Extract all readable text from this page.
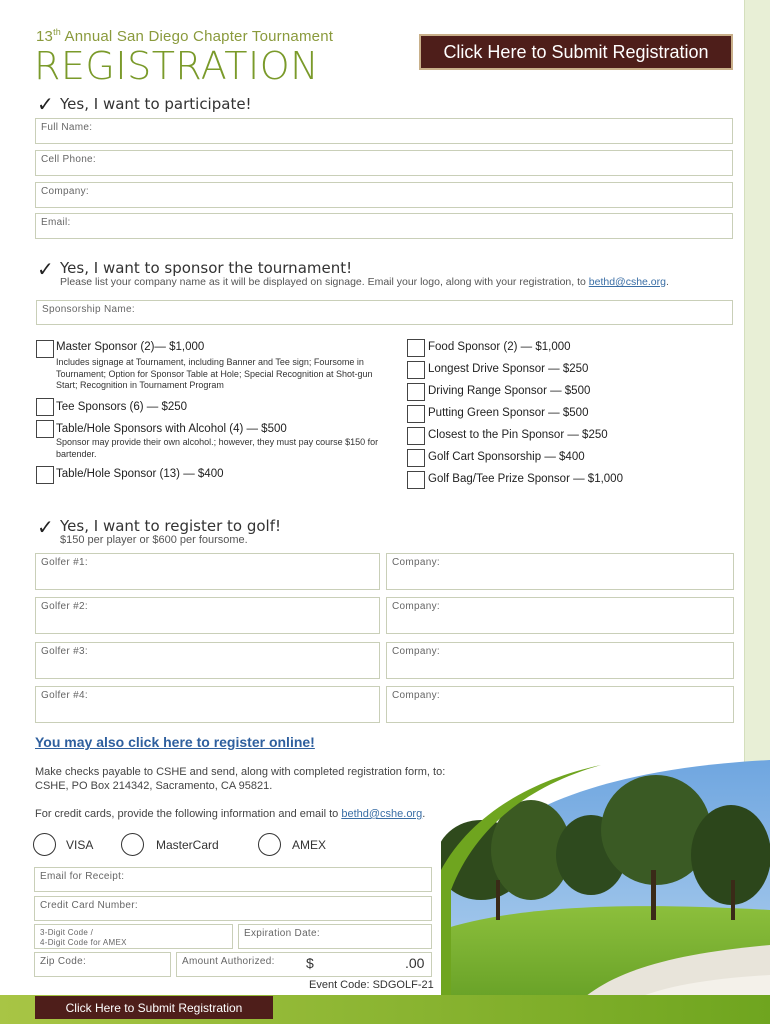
13th Annual San Diego Chapter Tournament
REGISTRATION	Click Here to Submit Registration
✓ Yes, I want to participate!
Full Name:
Cell Phone:
Company:
Email:
✓ Yes, I want to sponsor the tournament!
Please list your company name as it will be displayed on signage. Email your logo, along with your registration, to bethd@cshe.org.
Sponsorship Name:
Master Sponsor (2)— $1,000
Includes signage at Tournament, including Banner and Tee sign; Foursome in Tournament; Option for Sponsor Table at Hole; Special Recognition at Shot-gun Start; Recognition in Tournament Program
Tee Sponsors (6) — $250
Table/Hole Sponsors with Alcohol (4) — $500
Sponsor may provide their own alcohol.; however, they must pay course $150 for bartender.
Table/Hole Sponsor (13) — $400
Food Sponsor (2) — $1,000
Longest Drive Sponsor — $250
Driving Range Sponsor — $500
Putting Green Sponsor — $500
Closest to the Pin Sponsor — $250
Golf Cart Sponsorship — $400
Golf Bag/Tee Prize Sponsor — $1,000
✓ Yes, I want to register to golf!
$150 per player or $600 per foursome.
Golfer #1:	Company:
Golfer #2:	Company:
Golfer #3:	Company:
Golfer #4:	Company:
You may also click here to register online!
Make checks payable to CSHE and send, along with completed registration form, to:
CSHE, PO Box 214342, Sacramento, CA 95821.
For credit cards, provide the following information and email to bethd@cshe.org.
VISA	MasterCard	AMEX
Email for Receipt:
Credit Card Number:
3-Digit Code /
4-Digit Code for AMEX
Expiration Date:
Zip Code:	Amount Authorized: $	.00
Event Code: SDGOLF-21
Click Here to Submit Registration
